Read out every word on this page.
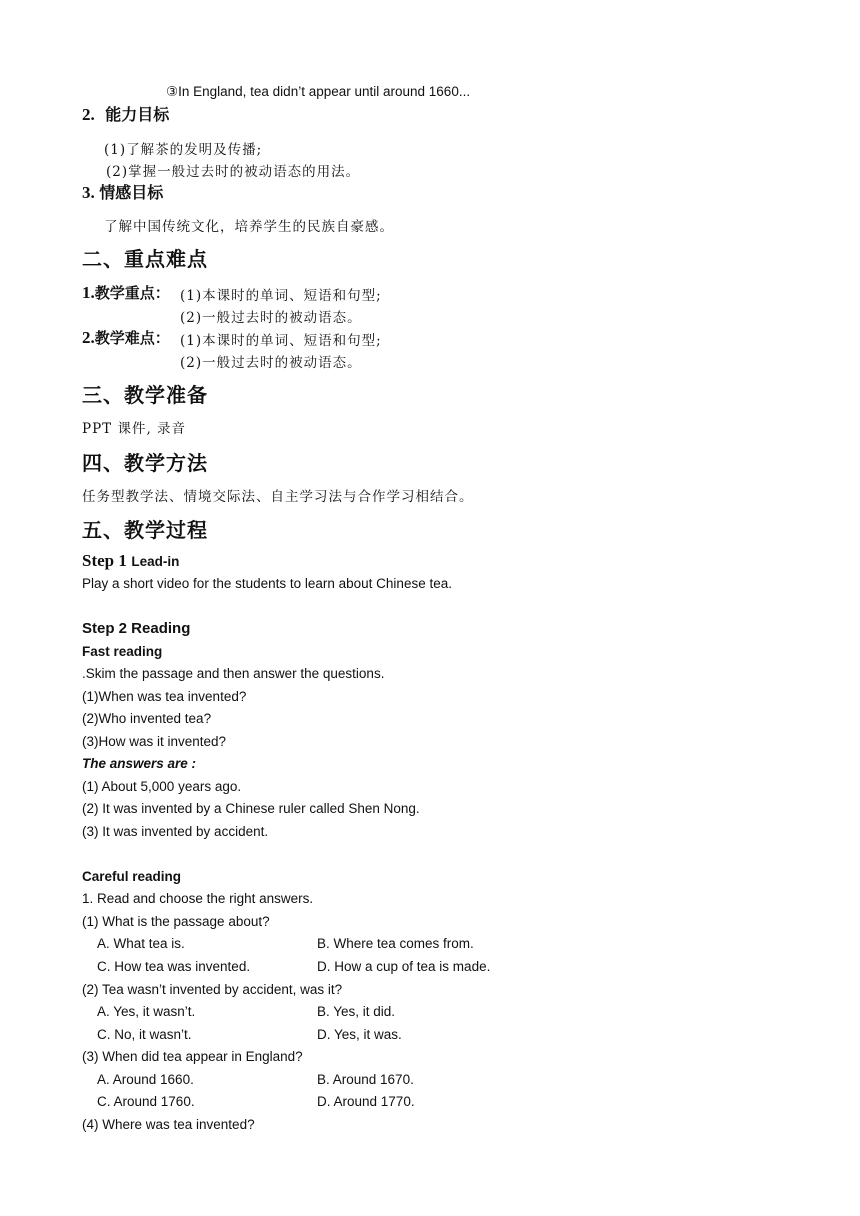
③In England, tea didn’t appear until around 1660...
2. 能力目标
(1)了解茶的发明及传播;
(2)掌握一般过去时的被动语态的用法。
3. 情感目标
了解中国传统文化，培养学生的民族自豪感。
二、重点难点
1.教学重点： (1)本课时的单词、短语和句型;
(2)一般过去时的被动语态。
2.教学难点： (1)本课时的单词、短语和句型;
(2)一般过去时的被动语态。
三、教学准备
PPT 课件, 录音
四、教学方法
任务型教学法、情境交际法、自主学习法与合作学习相结合。
五、教学过程
Step 1 Lead-in
Play a short video for the students to learn about Chinese tea.
Step 2 Reading
Fast reading
.Skim the passage and then answer the questions.
(1)When was tea invented?
(2)Who invented tea?
(3)How was it invented?
The answers are :
(1) About 5,000 years ago.
(2) It was invented by a Chinese ruler called Shen Nong.
(3) It was invented by accident.
Careful reading
1. Read and choose the right answers.
(1) What is the passage about?
A. What tea is.	B. Where tea comes from.
C. How tea was invented.	D. How a cup of tea is made.
(2) Tea wasn’t invented by accident, was it?
A. Yes, it wasn’t.	B. Yes, it did.
C. No, it wasn’t.	D. Yes, it was.
(3) When did tea appear in England?
A. Around 1660.	B. Around 1670.
C. Around 1760.	D. Around 1770.
(4) Where was tea invented?
